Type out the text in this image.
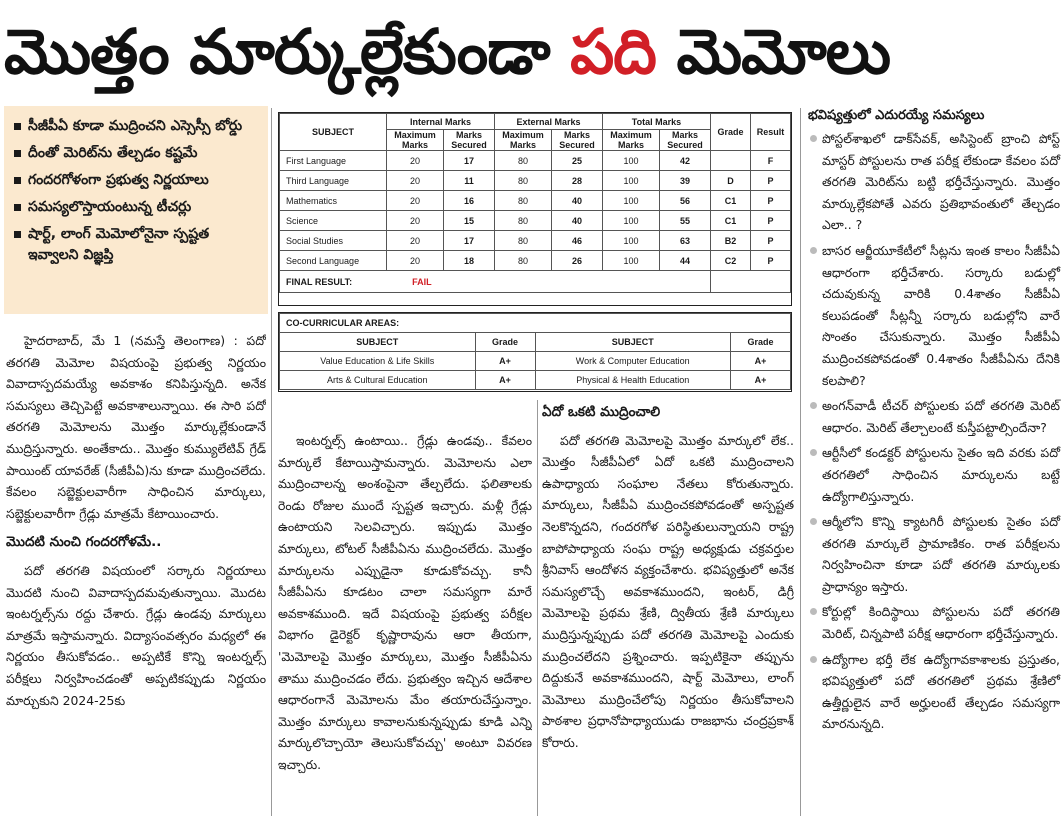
మొత్తం మార్కుల్లేకుండా పది మెమోలు
సీజీపీఏ కూడా ముద్రించని ఎస్సెస్సీ బోర్డు
దీంతో మెరిట్‌ను తేల్చడం కష్టమే
గందరగోళంగా ప్రభుత్వ నిర్ణయాలు
సమస్యలొస్తాయంటున్న టీచర్లు
షార్ట్, లాంగ్ మెమోలోనైనా స్పష్టత ఇవ్వాలని విజ్ఞప్తి

హైదరాబాద్, మే 1 (నమస్తే తెలంగాణ) : పదో తరగతి మెమోల విషయంపై ప్రభుత్వ నిర్ణయం వివాదాస్పదమయ్యే అవకాశం కనిపిస్తున్నది. అనేక సమస్యలు తెచ్చిపెట్టే అవకాశాలున్నాయి. ఈ సారి పదో తరగతి మెమోలను మొత్తం మార్కుల్లేకుండానే ముద్రిస్తున్నారు. అంతేకాదు.. మొత్తం కుమ్యులేటివ్ గ్రేడ్ పాయింట్ యావరేజ్ (సీజీపీఏ)ను కూడా ముద్రించలేదు. కేవలం సబ్జెక్టులవారీగా సాధించిన మార్కులు, సబ్జెక్టులవారీగా గ్రేడ్లు మాత్రమే కేటాయించారు.

మొదటి నుంచి గందరగోళమే..

పదో తరగతి విషయంలో సర్కారు నిర్ణయాలు మొదటి నుంచి వివాదాస్పదమవుతున్నాయి. మొదట ఇంటర్నల్స్‌ను రద్దు చేశారు. గ్రేడ్లు ఉండవు మార్కులు మాత్రమే ఇస్తామన్నారు. విద్యాసంవత్సరం మధ్యలో ఈ నిర్ణయం తీసుకోవడం.. అప్పటికే కొన్ని ఇంటర్నల్స్ పరీక్షలు నిర్వహించడంతో అప్పటికప్పుడు నిర్ణయం మార్చుకుని 2024-25కు

SUBJECT	Internal Marks		External Marks		Total Marks		Grade	Result
	Maximum Marks	Marks Secured	Maximum Marks	Marks Secured	Maximum Marks	Marks Secured		
First Language	20	17	80	25	100	42		F
Third Language	20	11	80	28	100	39	D	P
Mathematics	20	16	80	40	100	56	C1	P
Science	20	15	80	40	100	55	C1	P
Social Studies	20	17	80	46	100	63	B2	P
Second Language	20	18	80	26	100	44	C2	P
FINAL RESULT: FAIL								
CO-CURRICULAR AREAS:			
SUBJECT	Grade	SUBJECT	Grade
Value Education & Life Skills	A+	Work & Computer Education	A+
Arts & Cultural Education	A+	Physical & Health Education	A+

ఇంటర్నల్స్ ఉంటాయి.. గ్రేడ్లు ఉండవు.. కేవలం మార్కులే కేటాయిస్తామన్నారు. మెమోలను ఎలా ముద్రించాలన్న అంశంపైనా తేల్చలేదు. ఫలితాలకు రెండు రోజుల ముందే స్పష్టత ఇచ్చారు. మళ్లీ గ్రేడ్లు ఉంటాయని సెలవిచ్చారు. ఇప్పుడు మొత్తం మార్కులు, టోటల్ సీజీపీఏను ముద్రించలేదు. మొత్తం మార్కులను ఎప్పుడైనా కూడుకోవచ్చు. కానీ సీజీపీఏను కూడటం చాలా సమస్యగా మారే అవకాశముంది. ఇదే విషయంపై ప్రభుత్వ పరీక్షల విభాగం డైరెక్టర్ కృష్ణారావును ఆరా తీయగా, 'మెమోలపై మొత్తం మార్కులు, మొత్తం సీజీపీఏను తాము ముద్రించడం లేదు. ప్రభుత్వం ఇచ్చిన ఆదేశాల ఆధారంగానే మెమోలను మేం తయారుచేస్తున్నాం. మొత్తం మార్కులు కావాలనుకున్నప్పుడు కూడి ఎన్ని మార్కులొచ్చాయో తెలుసుకోవచ్చు' అంటూ వివరణ ఇచ్చారు.

ఏదో ఒకటి ముద్రించాలి

పదో తరగతి మెమోలపై మొత్తం మార్కులో లేక.. మొత్తం సీజీపీఏలో ఏదో ఒకటి ముద్రించాలని ఉపాధ్యాయ సంఘాల నేతలు కోరుతున్నారు. మార్కులు, సీజీపీఏ ముద్రించకపోవడంతో అస్పష్టత నెలకొన్నదని, గందరగోళ పరిస్థితులున్నాయని రాష్ట్ర బాపోపాధ్యాయ సంఘ రాష్ట్ర అధ్యక్షుడు చక్రవర్తుల శ్రీనివాస్ ఆందోళన వ్యక్తంచేశారు. భవిష్యత్తులో అనేక సమస్యలొచ్చే అవకాశముందని, ఇంటర్, డిగ్రీ మెమోలపై ప్రథమ శ్రేణి, ద్వితీయ శ్రేణి మార్కులు ముద్రిస్తున్నప్పుడు పదో తరగతి మెమోలపై ఎందుకు ముద్రించలేదని ప్రశ్నించారు. ఇప్పటికైనా తప్పును దిద్దుకునే అవకాశముందని, షార్ట్ మెమోలు, లాంగ్ మెమోలు ముద్రించేలోపు నిర్ణయం తీసుకోవాలని పాఠశాల ప్రధానోపాధ్యాయుడు రాజభాను చంద్రప్రకాశ్ కోరారు.

భవిష్యత్తులో ఎదురయ్యే సమస్యలు
పోస్టల్‌శాఖలో డాక్‌సేవక్, అసిస్టెంట్ బ్రాంచి పోస్ట్ మాస్టర్ పోస్టులను రాత పరీక్ష లేకుండా కేవలం పదో తరగతి మెరిట్‌ను బట్టి భర్తీచేస్తున్నారు. మొత్తం మార్కుల్లేకపోతే ఎవరు ప్రతిభావంతులో తేల్చడం ఎలా.. ?
బాసర ఆర్జీయూకేటీలో సీట్లను ఇంత కాలం సీజీపీఏ ఆధారంగా భర్తీచేశారు. సర్కారు బడుల్లో చదువుకున్న వారికి 0.4శాతం సీజీపీఏ కలుపడంతో సీట్లన్నీ సర్కారు బడుల్లోని వారే సొంతం చేసుకున్నారు. మొత్తం సీజీపీఏ ముద్రించకపోవడంతో 0.4శాతం సీజీపీఏను దేనికి కలపాలి?
అంగన్‌వాడీ టీచర్ పోస్టులకు పదో తరగతి మెరిట్ ఆధారం. మెరిట్ తేల్చాలంటే కుస్తీపట్టాల్సిందేనా?
ఆర్టీసీలో కండక్టర్ పోస్టులను సైతం ఇది వరకు పదో తరగతిలో సాధించిన మార్కులను బట్టే ఉద్యోగాలిస్తున్నారు.
ఆర్మీలోని కొన్ని క్యాటగిరీ పోస్టులకు సైతం పదో తరగతి మార్కులే ప్రామాణికం. రాత పరీక్షలను నిర్వహించినా కూడా పదో తరగతి మార్కులకు ప్రాధాన్యం ఇస్తారు.
కోర్టుల్లో కిందిస్థాయి పోస్టులను పదో తరగతి మెరిట్, చిన్నపాటి పరీక్ష ఆధారంగా భర్తీచేస్తున్నారు.
ఉద్యోగాల భర్తీ లేక ఉద్యోగావకాశాలకు ప్రస్తుతం, భవిష్యత్తులో పదో తరగతిలో ప్రథమ శ్రేణిలో ఉత్తీర్ణులైన వారే అర్హులంటే తేల్చడం సమస్యగా మారనున్నది.
